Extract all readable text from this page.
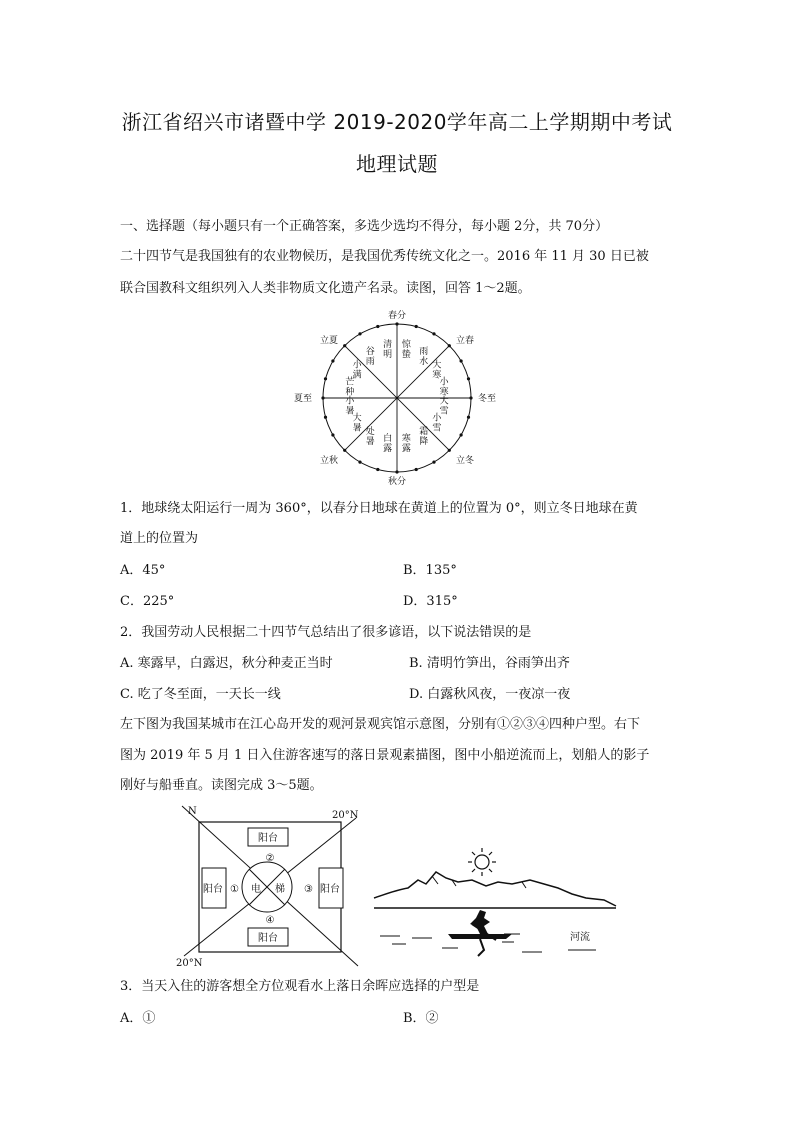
浙江省绍兴市诸暨中学 2019-2020学年高二上学期期中考试
地理试题
一、选择题（每小题只有一个正确答案，多选少选均不得分，每小题 2分，共 70分）
二十四节气是我国独有的农业物候历，是我国优秀传统文化之一。2016 年 11 月 30 日已被
联合国教科文组织列入人类非物质文化遗产名录。读图，回答 1～2题。
春分
秋分
夏至	冬至
立夏	立春
立秋	立冬
惊蛰 雨水 大寒
小寒
大雪
小雪
霜降
寒露
白露
处暑
大暑
小暑
芒种
小满
谷雨
清明
1．地球绕太阳运行一周为 360°，以春分日地球在黄道上的位置为 0°，则立冬日地球在黄
道上的位置为
A．45°	B．135°
C．225°	D．315°
2．我国劳动人民根据二十四节气总结出了很多谚语，以下说法错误的是
A. 寒露早，白露迟，秋分种麦正当时	B. 清明竹笋出，谷雨笋出齐
C. 吃了冬至面，一天长一线	D. 白露秋风夜，一夜凉一夜
左下图为我国某城市在江心岛开发的观河景观宾馆示意图，分别有①②③④四种户型。右下
图为 2019 年 5 月 1 日入住游客速写的落日景观素描图，图中小船逆流而上，划船人的影子
刚好与船垂直。读图完成 3～5题。
阳台
阳台
阳台	阳台
②
④
①	③
电 梯
N	20°N
20°N
河流
3．当天入住的游客想全方位观看水上落日余晖应选择的户型是
A．①	B．②
